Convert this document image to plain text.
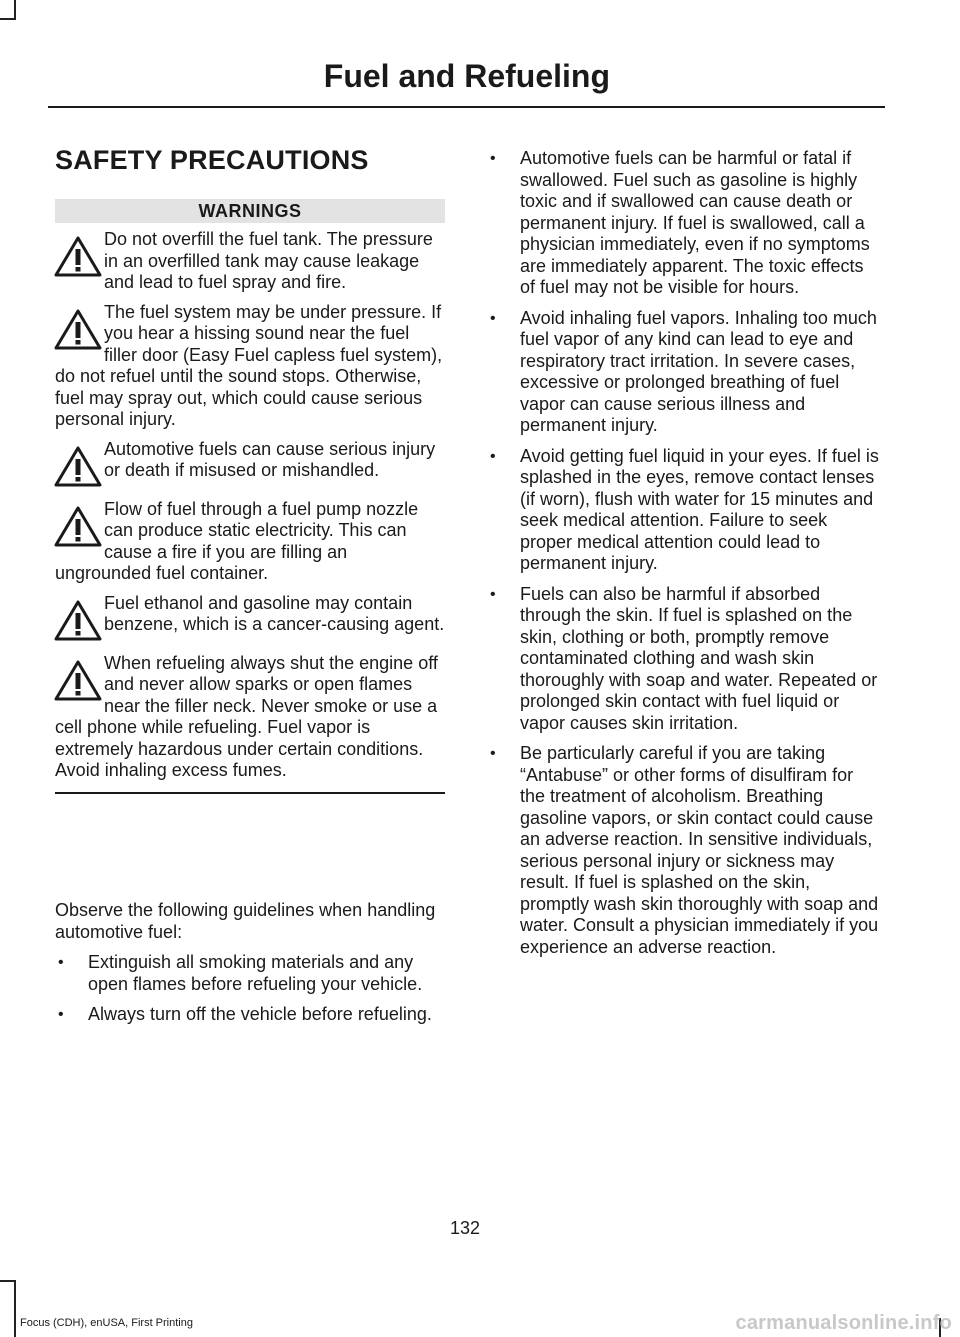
Fuel and Refueling
SAFETY PRECAUTIONS
WARNINGS
Do not overfill the fuel tank. The pressure in an overfilled tank may cause leakage and lead to fuel spray and fire.
The fuel system may be under pressure. If you hear a hissing sound near the fuel filler door (Easy Fuel capless fuel system), do not refuel until the sound stops. Otherwise, fuel may spray out, which could cause serious personal injury.
Automotive fuels can cause serious injury or death if misused or mishandled.
Flow of fuel through a fuel pump nozzle can produce static electricity. This can cause a fire if you are filling an ungrounded fuel container.
Fuel ethanol and gasoline may contain benzene, which is a cancer-causing agent.
When refueling always shut the engine off and never allow sparks or open flames near the filler neck. Never smoke or use a cell phone while refueling. Fuel vapor is extremely hazardous under certain conditions. Avoid inhaling excess fumes.

Observe the following guidelines when handling automotive fuel:

• Extinguish all smoking materials and any open flames before refueling your vehicle.
• Always turn off the vehicle before refueling.
• Automotive fuels can be harmful or fatal if swallowed. Fuel such as gasoline is highly toxic and if swallowed can cause death or permanent injury. If fuel is swallowed, call a physician immediately, even if no symptoms are immediately apparent. The toxic effects of fuel may not be visible for hours.
• Avoid inhaling fuel vapors. Inhaling too much fuel vapor of any kind can lead to eye and respiratory tract irritation. In severe cases, excessive or prolonged breathing of fuel vapor can cause serious illness and permanent injury.
• Avoid getting fuel liquid in your eyes. If fuel is splashed in the eyes, remove contact lenses (if worn), flush with water for 15 minutes and seek medical attention. Failure to seek proper medical attention could lead to permanent injury.
• Fuels can also be harmful if absorbed through the skin. If fuel is splashed on the skin, clothing or both, promptly remove contaminated clothing and wash skin thoroughly with soap and water. Repeated or prolonged skin contact with fuel liquid or vapor causes skin irritation.
• Be particularly careful if you are taking “Antabuse” or other forms of disulfiram for the treatment of alcoholism. Breathing gasoline vapors, or skin contact could cause an adverse reaction. In sensitive individuals, serious personal injury or sickness may result. If fuel is splashed on the skin, promptly wash skin thoroughly with soap and water. Consult a physician immediately if you experience an adverse reaction.
132
Focus (CDH), enUSA, First Printing	carmanualsonline.info
